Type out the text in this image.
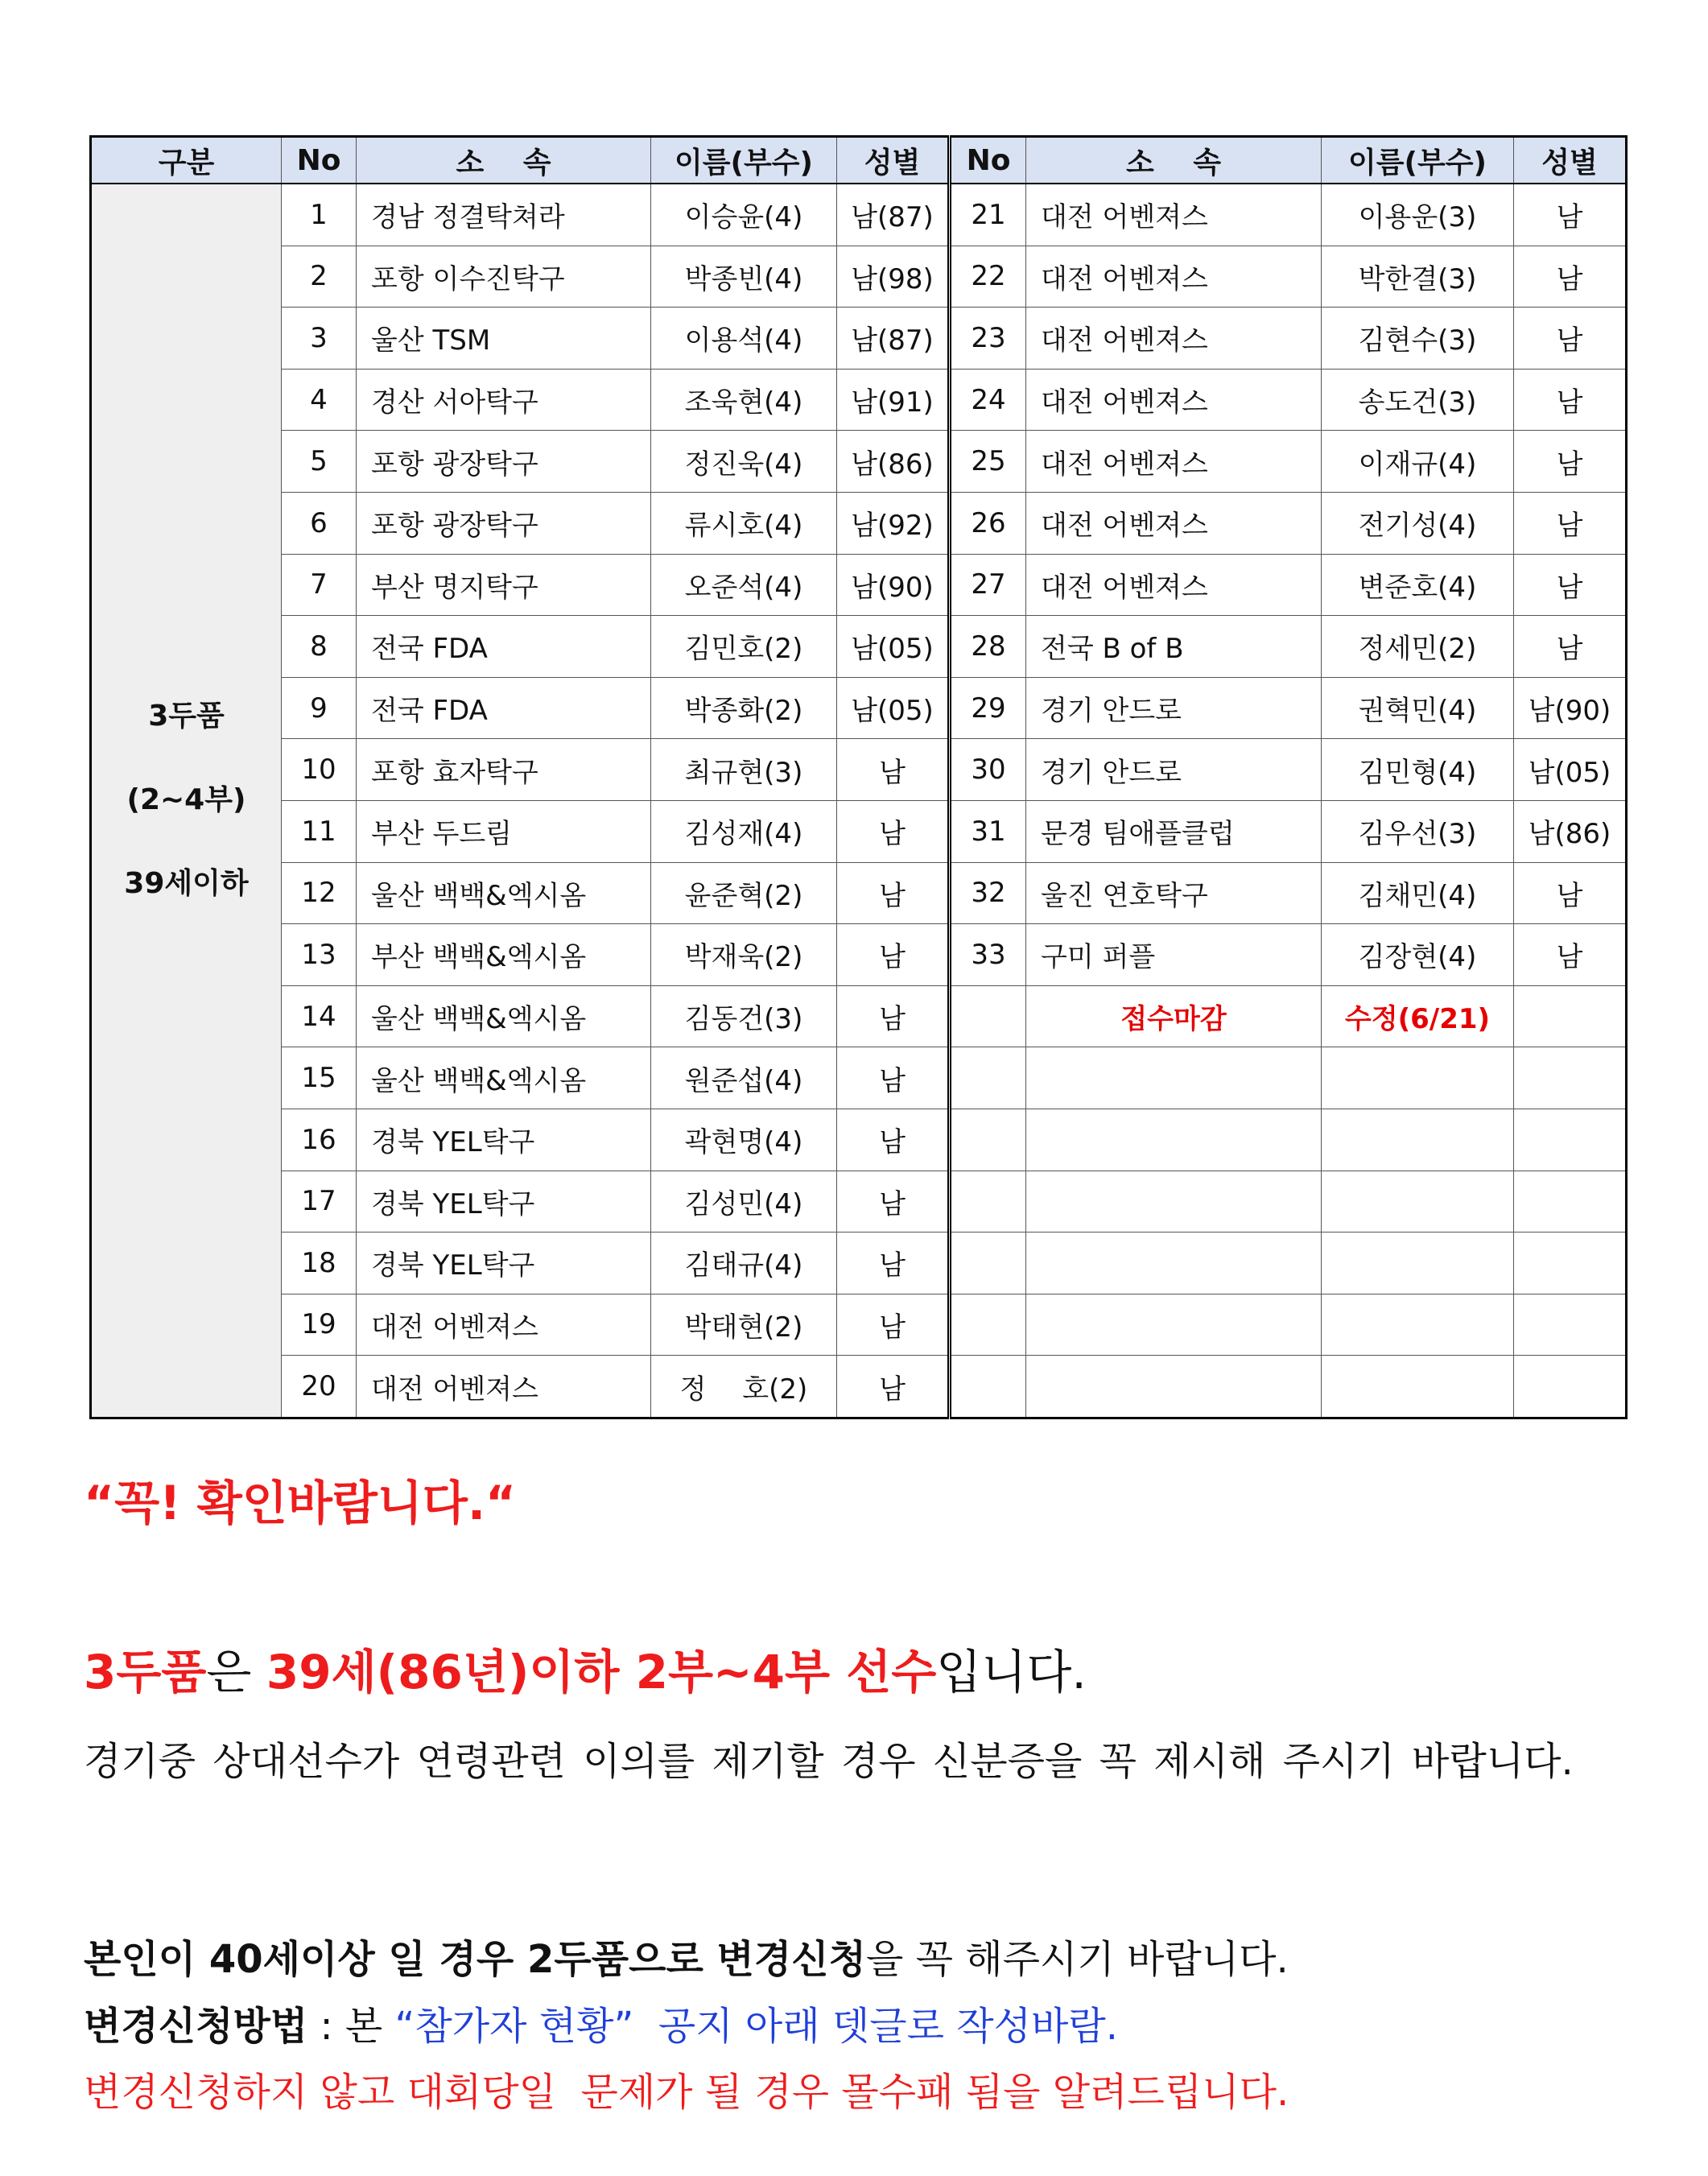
구분	No	소　 속	이름(부수)	성별	No	소　 속	이름(부수)	성별

3두품
(2~4부)
39세이하	1	경남 정결탁쳐라	이승윤(4)	남(87)	21	대전 어벤져스	이용운(3)	남
	2	포항 이수진탁구	박종빈(4)	남(98)	22	대전 어벤져스	박한결(3)	남
	3	울산 TSM	이용석(4)	남(87)	23	대전 어벤져스	김현수(3)	남
	4	경산 서아탁구	조욱현(4)	남(91)	24	대전 어벤져스	송도건(3)	남
	5	포항 광장탁구	정진욱(4)	남(86)	25	대전 어벤져스	이재규(4)	남
	6	포항 광장탁구	류시호(4)	남(92)	26	대전 어벤져스	전기성(4)	남
	7	부산 명지탁구	오준석(4)	남(90)	27	대전 어벤져스	변준호(4)	남
	8	전국 FDA	김민호(2)	남(05)	28	전국 B of B	정세민(2)	남
	9	전국 FDA	박종화(2)	남(05)	29	경기 안드로	권혁민(4)	남(90)
	10	포항 효자탁구	최규현(3)	남	30	경기 안드로	김민형(4)	남(05)
	11	부산 두드림	김성재(4)	남	31	문경 팀애플클럽	김우선(3)	남(86)
	12	울산 백백&엑시옴	윤준혁(2)	남	32	울진 연호탁구	김채민(4)	남
	13	부산 백백&엑시옴	박재욱(2)	남	33	구미 퍼플	김장현(4)	남
	14	울산 백백&엑시옴	김동건(3)	남		접수마감	수정(6/21)	
	15	울산 백백&엑시옴	원준섭(4)	남				
	16	경북 YEL탁구	곽현명(4)	남				
	17	경북 YEL탁구	김성민(4)	남				
	18	경북 YEL탁구	김태규(4)	남				
	19	대전 어벤져스	박태현(2)	남				
	20	대전 어벤져스	정　 호(2)	남				

“꼭! 확인바람니다.“

3두품은 39세(86년)이하 2부~4부 선수입니다.

경기중 상대선수가 연령관련 이의를 제기할 경우 신분증을 꼭 제시해 주시기 바랍니다.

본인이 40세이상 일 경우 2두품으로 변경신청을 꼭 해주시기 바랍니다.

변경신청방법 : 본 “참가자 현황”  공지 아래 뎃글로 작성바람.

변경신청하지 않고 대회당일  문제가 될 경우 몰수패 됨을 알려드립니다.
